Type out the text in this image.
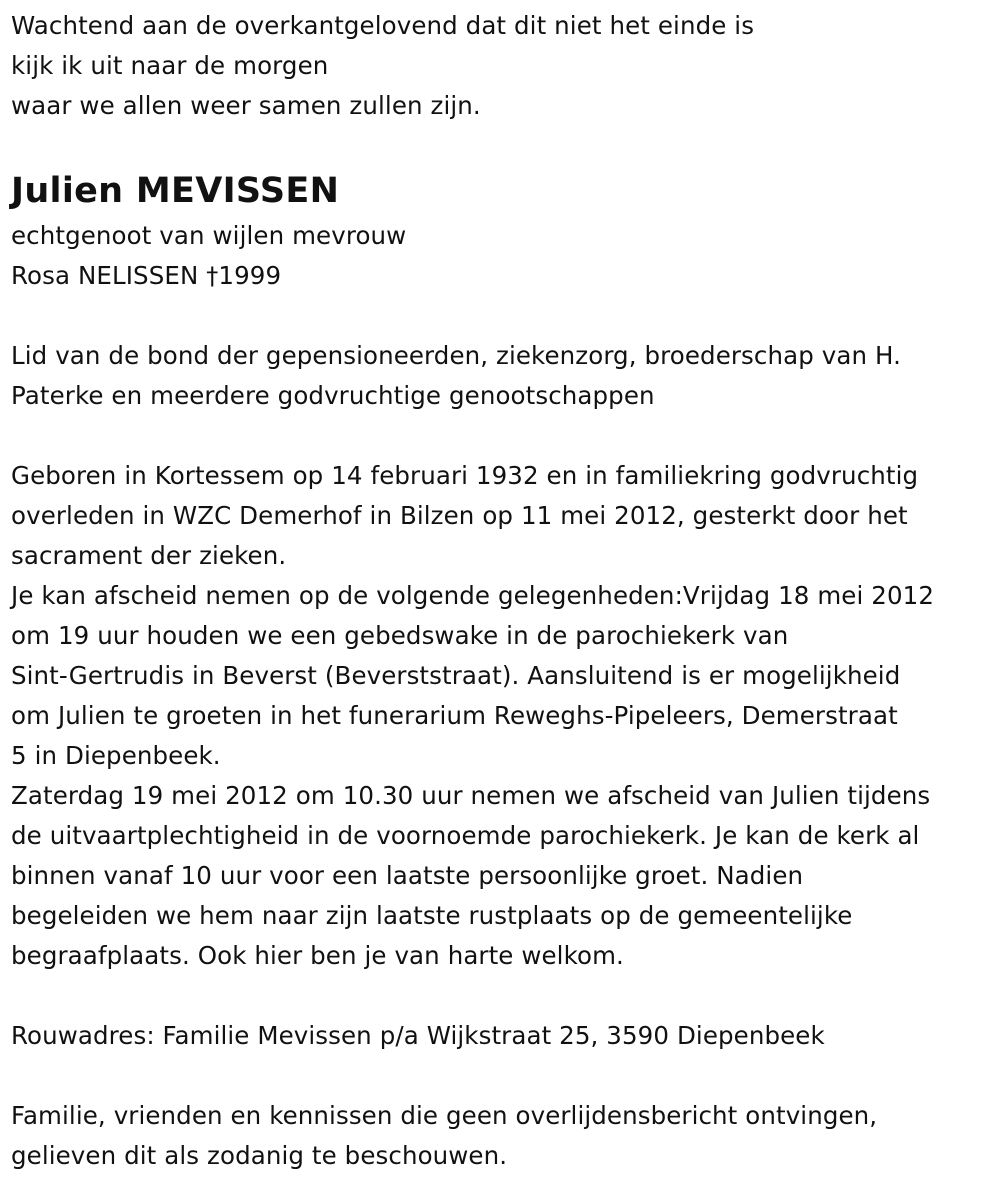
Wachtend aan de overkantgelovend dat dit niet het einde is
kijk ik uit naar de morgen
waar we allen weer samen zullen zijn.
Julien MEVISSEN
echtgenoot van wijlen mevrouw
Rosa NELISSEN †1999
Lid van de bond der gepensioneerden, ziekenzorg, broederschap van H.
Paterke en meerdere godvruchtige genootschappen
Geboren in Kortessem op 14 februari 1932 en in familiekring godvruchtig
overleden in WZC Demerhof in Bilzen op 11 mei 2012, gesterkt door het
sacrament der zieken.
Je kan afscheid nemen op de volgende gelegenheden:Vrijdag 18 mei 2012
om 19 uur houden we een gebedswake in de parochiekerk van
Sint-Gertrudis in Beverst (Beverststraat). Aansluitend is er mogelijkheid
om Julien te groeten in het funerarium Reweghs-Pipeleers, Demerstraat
5 in Diepenbeek.
Zaterdag 19 mei 2012 om 10.30 uur nemen we afscheid van Julien tijdens
de uitvaartplechtigheid in de voornoemde parochiekerk. Je kan de kerk al
binnen vanaf 10 uur voor een laatste persoonlijke groet. Nadien
begeleiden we hem naar zijn laatste rustplaats op de gemeentelijke
begraafplaats. Ook hier ben je van harte welkom.
Rouwadres: Familie Mevissen p/a Wijkstraat 25, 3590 Diepenbeek
Familie, vrienden en kennissen die geen overlijdensbericht ontvingen,
gelieven dit als zodanig te beschouwen.
